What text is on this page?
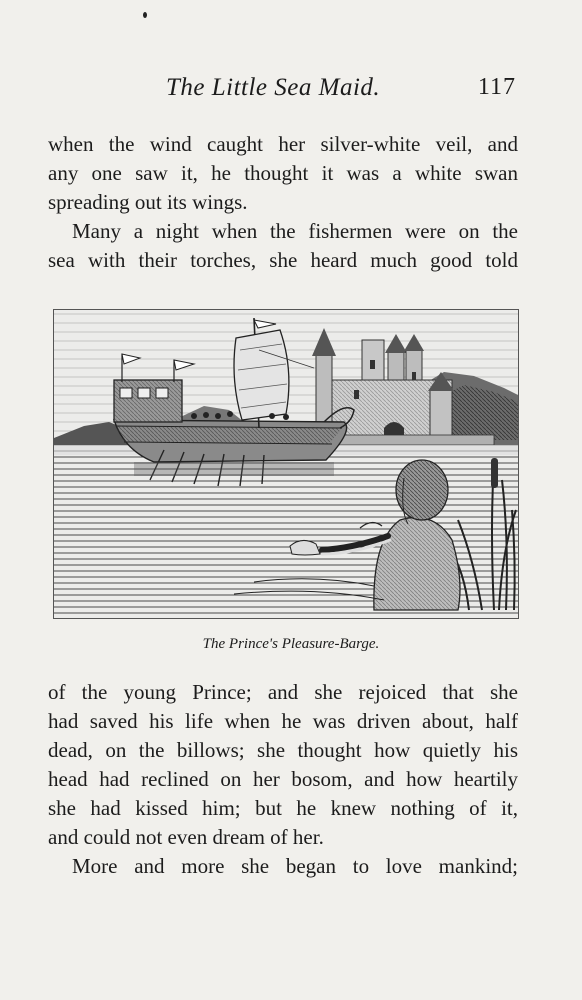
The Little Sea Maid.	117
when the wind caught her silver-white veil, and
any one saw it, he thought it was a white swan
spreading out its wings.
Many a night when the fishermen were on the
sea with their torches, she heard much good told
The Prince's Pleasure-Barge.
of the young Prince; and she rejoiced that she
had saved his life when he was driven about, half
dead, on the billows; she thought how quietly his
head had reclined on her bosom, and how heartily
she had kissed him; but he knew nothing of it,
and could not even dream of her.
More and more she began to love mankind;
